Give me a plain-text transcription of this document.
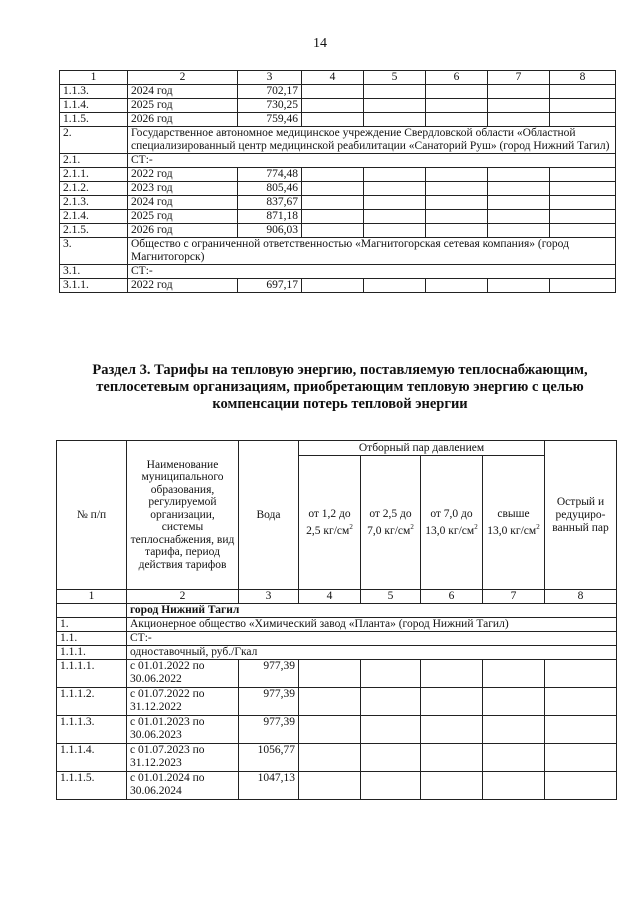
14
1	2	3	4	5	6	7	8
1.1.3.	2024 год	702,17					
1.1.4.	2025 год	730,25					
1.1.5.	2026 год	759,46					
2.	Государственное автономное медицинское учреждение Свердловской области «Областной специализированный центр медицинской реабилитации «Санаторий Руш» (город Нижний Тагил)						
2.1.	СТ:-						
2.1.1.	2022 год	774,48					
2.1.2.	2023 год	805,46					
2.1.3.	2024 год	837,67					
2.1.4.	2025 год	871,18					
2.1.5.	2026 год	906,03					
3.	Общество с ограниченной ответственностью «Магнитогорская сетевая компания» (город Магнитогорск)						
3.1.	СТ:-						
3.1.1.	2022 год	697,17					
Раздел 3. Тарифы на тепловую энергию, поставляемую теплоснабжающим, теплосетевым организациям, приобретающим тепловую энергию с целью компенсации потерь тепловой энергии
№ п/п	Наименование муниципального образования, регулируемой организации, системы теплоснабжения, вид тарифа, период действия тарифов	Вода	Отборный пар давлением				Острый и редуциро- ванный пар
			от 1,2 до 2,5 $кг/см^2$	от 2,5 до 7,0 $кг/см^2$	от 7,0 до 13,0 $кг/см^2$	свыше 13,0 $кг/см^2$
1	2	3	4	5	6	7	8
	город Нижний Тагил						
1.	Акционерное общество «Химический завод «Планта» (город Нижний Тагил)						
1.1.	СТ:-						
1.1.1.	одноставочный, руб./Гкал						
1.1.1.1.	с 01.01.2022 по 30.06.2022	977,39					
1.1.1.2.	с 01.07.2022 по 31.12.2022	977,39					
1.1.1.3.	с 01.01.2023 по 30.06.2023	977,39					
1.1.1.4.	с 01.07.2023 по 31.12.2023	1056,77					
1.1.1.5.	с 01.01.2024 по 30.06.2024	1047,13					
